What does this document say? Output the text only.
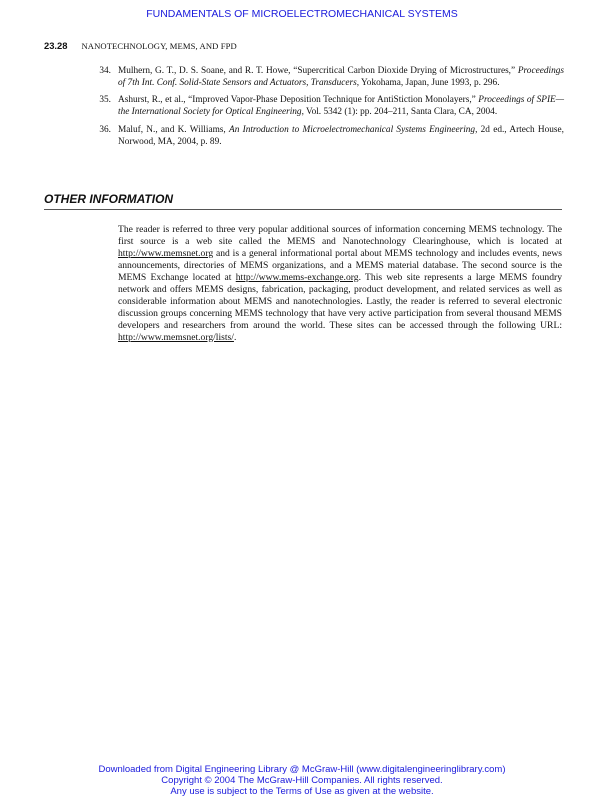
FUNDAMENTALS OF MICROELECTROMECHANICAL SYSTEMS
23.28 NANOTECHNOLOGY, MEMS, AND FPD
34. Mulhern, G. T., D. S. Soane, and R. T. Howe, “Supercritical Carbon Dioxide Drying of Microstructures,” Proceedings of 7th Int. Conf. Solid-State Sensors and Actuators, Transducers, Yokohama, Japan, June 1993, p. 296.
35. Ashurst, R., et al., “Improved Vapor-Phase Deposition Technique for AntiStiction Monolayers,” Proceedings of SPIE—the International Society for Optical Engineering, Vol. 5342 (1): pp. 204–211, Santa Clara, CA, 2004.
36. Maluf, N., and K. Williams, An Introduction to Microelectromechanical Systems Engineering, 2d ed., Artech House, Norwood, MA, 2004, p. 89.
OTHER INFORMATION

The reader is referred to three very popular additional sources of information concerning MEMS technology. The first source is a web site called the MEMS and Nanotechnology Clearinghouse, which is located at http://www.memsnet.org and is a general informational portal about MEMS technology and includes events, news announcements, directories of MEMS organizations, and a MEMS material database. The second source is the MEMS Exchange located at http://www.mems-exchange.org. This web site represents a large MEMS foundry network and offers MEMS designs, fabrication, packaging, product development, and related services as well as considerable information about MEMS and nanotechnologies. Lastly, the reader is referred to several electronic discussion groups concerning MEMS technology that have very active participation from several thousand MEMS developers and researchers from around the world. These sites can be accessed through the following URL: http://www.memsnet.org/lists/.

Downloaded from Digital Engineering Library @ McGraw-Hill (www.digitalengineeringlibrary.com)
Copyright © 2004 The McGraw-Hill Companies. All rights reserved.
Any use is subject to the Terms of Use as given at the website.
